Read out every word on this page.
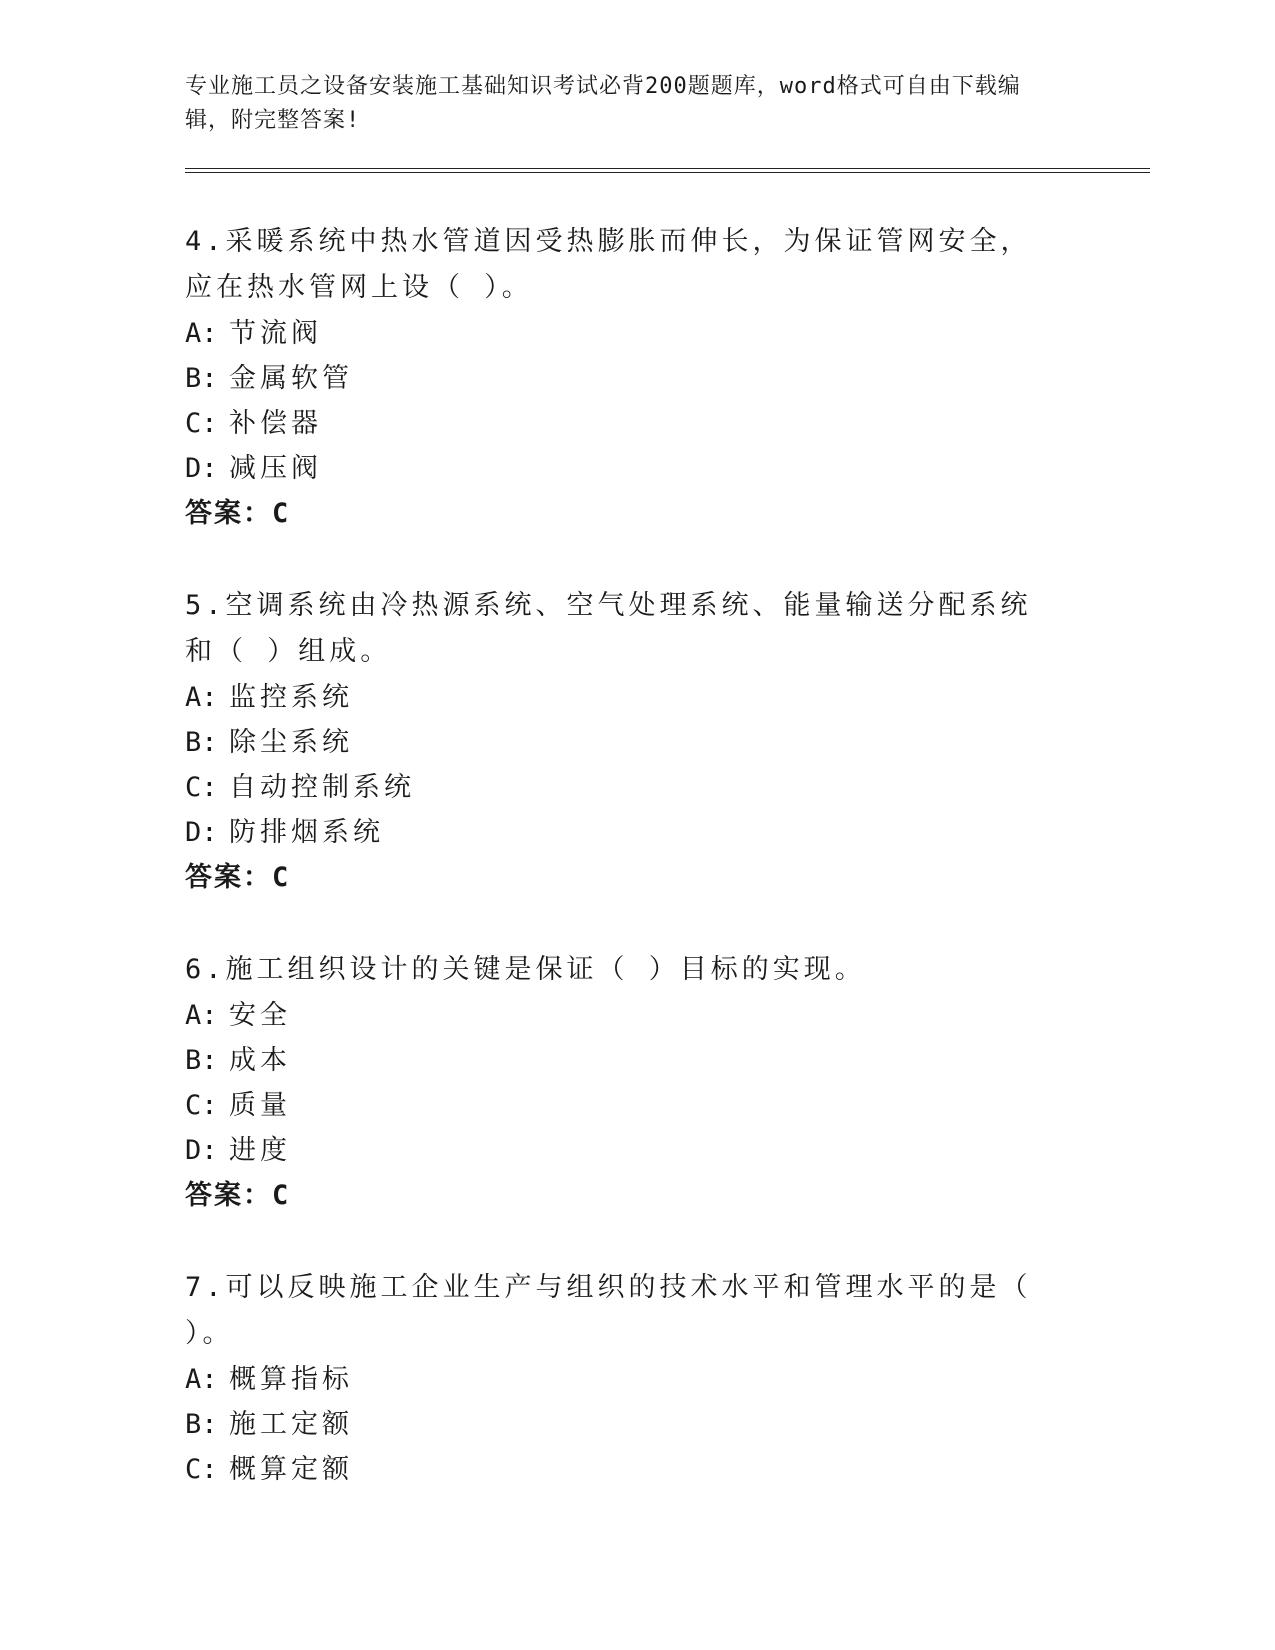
专业施工员之设备安装施工基础知识考试必背200题题库，word格式可自由下载编辑，附完整答案!

4.采暖系统中热水管道因受热膨胀而伸长，为保证管网安全，应在热水管网上设（ ）。

A: 节流阀

B: 金属软管

C: 补偿器

D: 减压阀

答案：C

5.空调系统由冷热源系统、空气处理系统、能量输送分配系统和（ ）组成。

A: 监控系统

B: 除尘系统

C: 自动控制系统

D: 防排烟系统

答案：C

6.施工组织设计的关键是保证（ ）目标的实现。

A: 安全

B: 成本

C: 质量

D: 进度

答案：C

7.可以反映施工企业生产与组织的技术水平和管理水平的是（ ）。

A: 概算指标

B: 施工定额

C: 概算定额
